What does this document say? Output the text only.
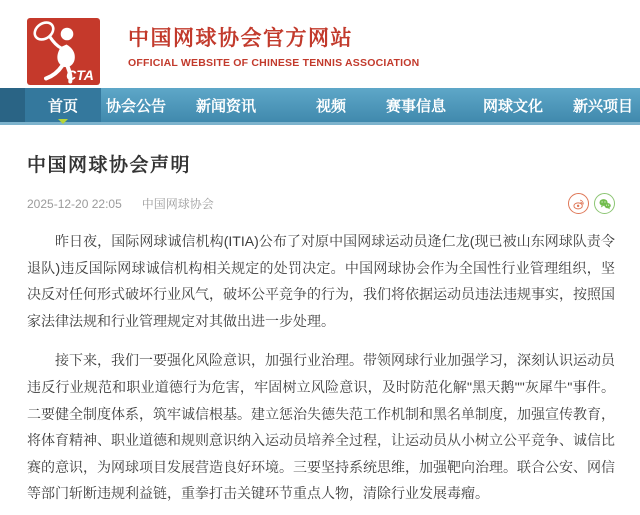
CTA
中国网球协会官方网站
OFFICIAL WEBSITE OF CHINESE TENNIS ASSOCIATION
首页 协会公告 新闻资讯	视频	赛事信息 网球文化 新兴项目
中国网球协会声明
2025-12-20 22:05 中国网球协会

昨日夜，国际网球诚信机构(ITIA)公布了对原中国网球运动员逄仁龙(现已被山东网球队责令退队)违反国际网球诚信机构相关规定的处罚决定。中国网球协会作为全国性行业管理组织，坚决反对任何形式破坏行业风气，破坏公平竞争的行为，我们将依据运动员违法违规事实，按照国家法律法规和行业管理规定对其做出进一步处理。

接下来，我们一要强化风险意识，加强行业治理。带领网球行业加强学习，深刻认识运动员违反行业规范和职业道德行为危害，牢固树立风险意识，及时防范化解"黑天鹅""灰犀牛"事件。二要健全制度体系，筑牢诚信根基。建立惩治失德失范工作机制和黑名单制度，加强宣传教育，将体育精神、职业道德和规则意识纳入运动员培养全过程，让运动员从小树立公平竞争、诚信比赛的意识，为网球项目发展营造良好环境。三要坚持系统思维，加强靶向治理。联合公安、网信等部门斩断违规利益链，重拳打击关键环节重点人物，清除行业发展毒瘤。
